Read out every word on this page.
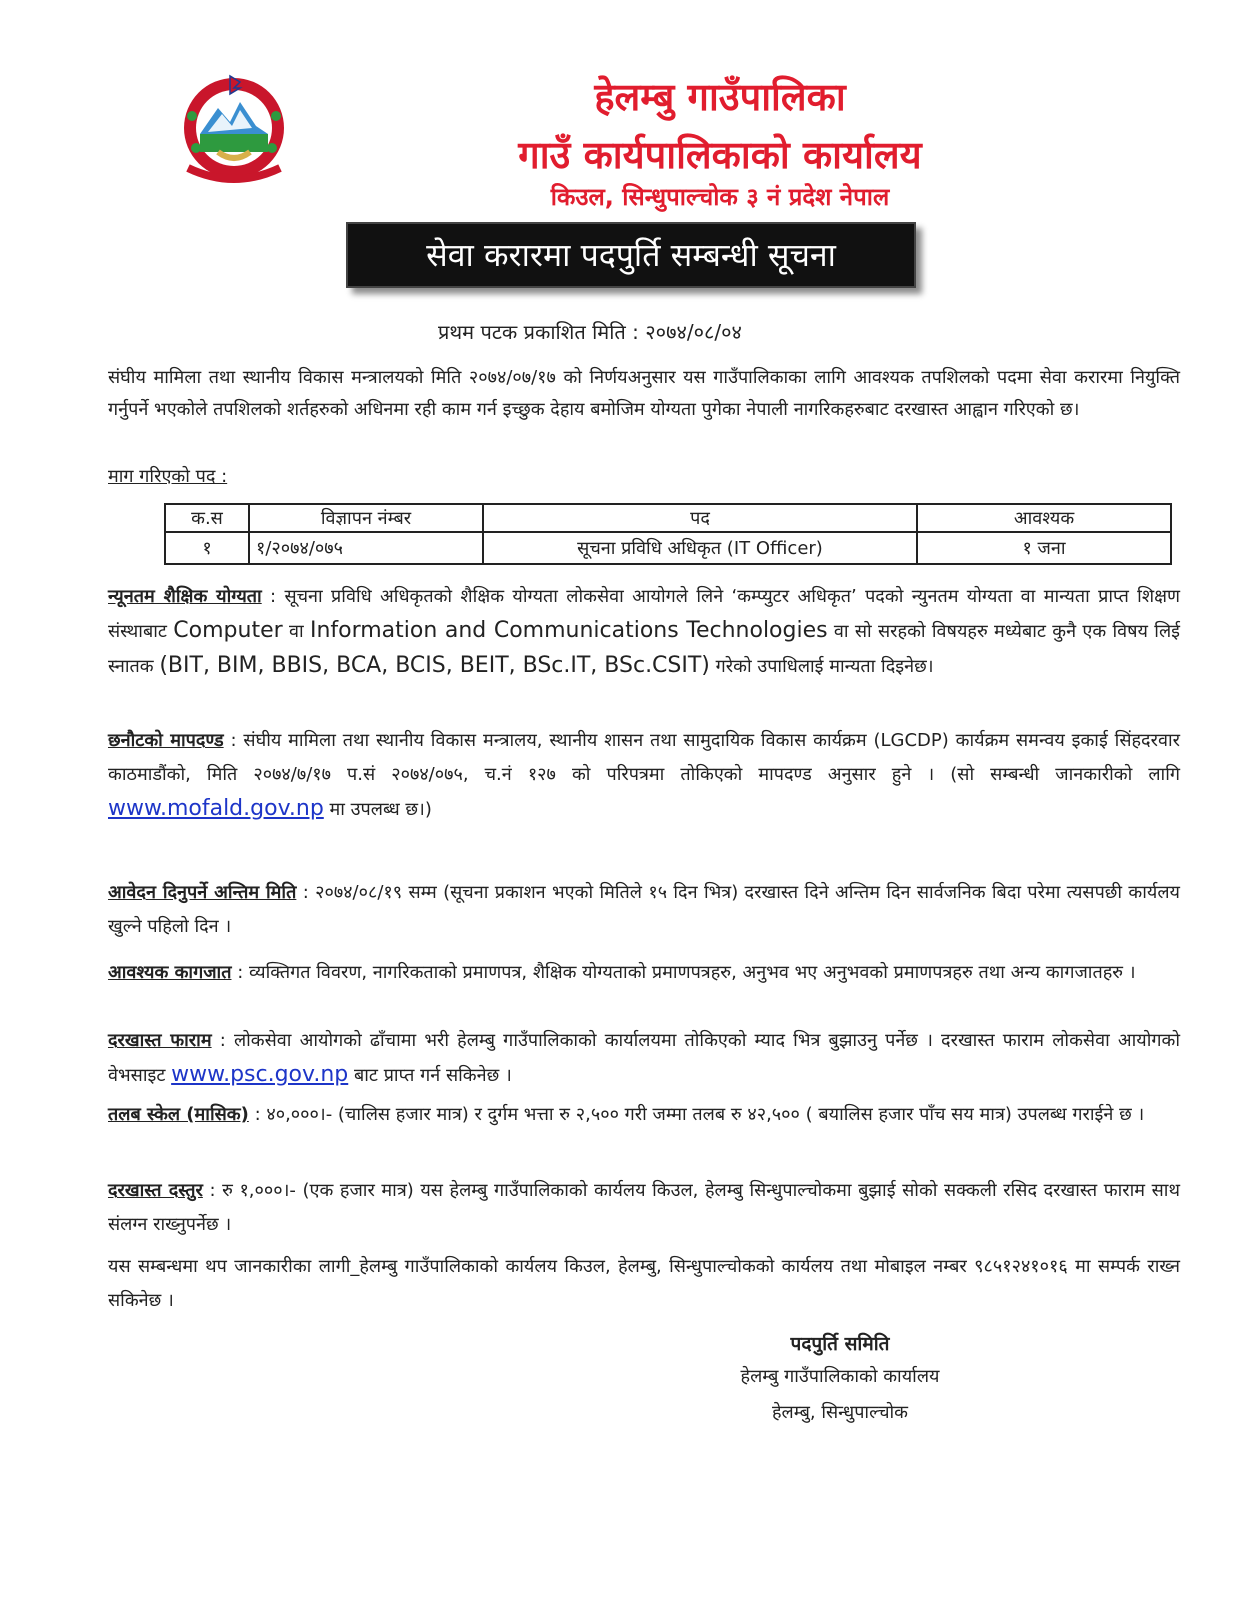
हेलम्बु गाउँपालिका
गाउँ कार्यपालिकाको कार्यालय
किउल, सिन्धुपाल्चोक ३ नं प्रदेश नेपाल
सेवा करारमा पदपुर्ति सम्बन्धी सूचना
प्रथम पटक प्रकाशित मिति : २०७४/०८/०४
संघीय मामिला तथा स्थानीय विकास मन्त्रालयको मिति २०७४/०७/१७ को निर्णयअनुसार यस गाउँपालिकाका लागि आवश्यक तपशिलको पदमा सेवा करारमा नियुक्ति गर्नुपर्ने भएकोले तपशिलको शर्तहरुको अधिनमा रही काम गर्न इच्छुक देहाय बमोजिम योग्यता पुगेका नेपाली नागरिकहरुबाट दरखास्त आह्वान गरिएको छ।
माग गरिएको पद :
क.स	विज्ञापन नंम्बर	पद	आवश्यक
१	१/२०७४/०७५	सूचना प्रविधि अधिकृत (IT Officer)	१ जना
न्यूनतम शैक्षिक योग्यता : सूचना प्रविधि अधिकृतको शैक्षिक योग्यता लोकसेवा आयोगले लिने ‘कम्प्युटर अधिकृत’ पदको न्युनतम योग्यता वा मान्यता प्राप्त शिक्षण संस्थाबाट Computer वा Information and Communications Technologies वा सो सरहको विषयहरु मध्येबाट कुनै एक विषय लिई स्नातक (BIT, BIM, BBIS, BCA, BCIS, BEIT, BSc.IT, BSc.CSIT) गरेको उपाधिलाई मान्यता दिइनेछ।
छनौटको मापदण्ड : संघीय मामिला तथा स्थानीय विकास मन्त्रालय, स्थानीय शासन तथा सामुदायिक विकास कार्यक्रम (LGCDP) कार्यक्रम समन्वय इकाई सिंहदरवार काठमाडौंको, मिति २०७४/७/१७ प.सं २०७४/०७५, च.नं १२७ को परिपत्रमा तोकिएको मापदण्ड अनुसार हुने । (सो सम्बन्धी जानकारीको लागि www.mofald.gov.np मा उपलब्ध छ।)
आवेदन दिनुपर्ने अन्तिम मिति : २०७४/०८/१९ सम्म (सूचना प्रकाशन भएको मितिले १५ दिन भित्र) दरखास्त दिने अन्तिम दिन सार्वजनिक बिदा परेमा त्यसपछी कार्यलय खुल्ने पहिलो दिन ।
आवश्यक कागजात : व्यक्तिगत विवरण, नागरिकताको प्रमाणपत्र, शैक्षिक योग्यताको प्रमाणपत्रहरु, अनुभव भए अनुभवको प्रमाणपत्रहरु तथा अन्य कागजातहरु ।
दरखास्त फाराम : लोकसेवा आयोगको ढाँचामा भरी हेलम्बु गाउँपालिकाको कार्यालयमा तोकिएको म्याद भित्र बुझाउनु पर्नेछ । दरखास्त फाराम लोकसेवा आयोगको वेभसाइट www.psc.gov.np बाट प्राप्त गर्न सकिनेछ ।
तलब स्केल (मासिक) : ४०,०००।- (चालिस हजार मात्र) र दुर्गम भत्ता रु २,५०० गरी जम्मा तलब रु ४२,५०० ( बयालिस हजार पाँच सय मात्र) उपलब्ध गराईने छ ।
दरखास्त दस्तुर : रु १,०००।- (एक हजार मात्र) यस हेलम्बु गाउँपालिकाको कार्यलय किउल, हेलम्बु सिन्धुपाल्चोकमा बुझाई सोको सक्कली रसिद दरखास्त फाराम साथ संलग्न राख्नुपर्नेछ ।
यस सम्बन्धमा थप जानकारीका लागी_हेलम्बु गाउँपालिकाको कार्यलय किउल, हेलम्बु, सिन्धुपाल्चोकको कार्यलय तथा मोबाइल नम्बर ९८५१२४१०१६ मा सम्पर्क राख्न सकिनेछ ।
पदपुर्ति समिति
हेलम्बु गाउँपालिकाको कार्यालय
हेलम्बु, सिन्धुपाल्चोक
